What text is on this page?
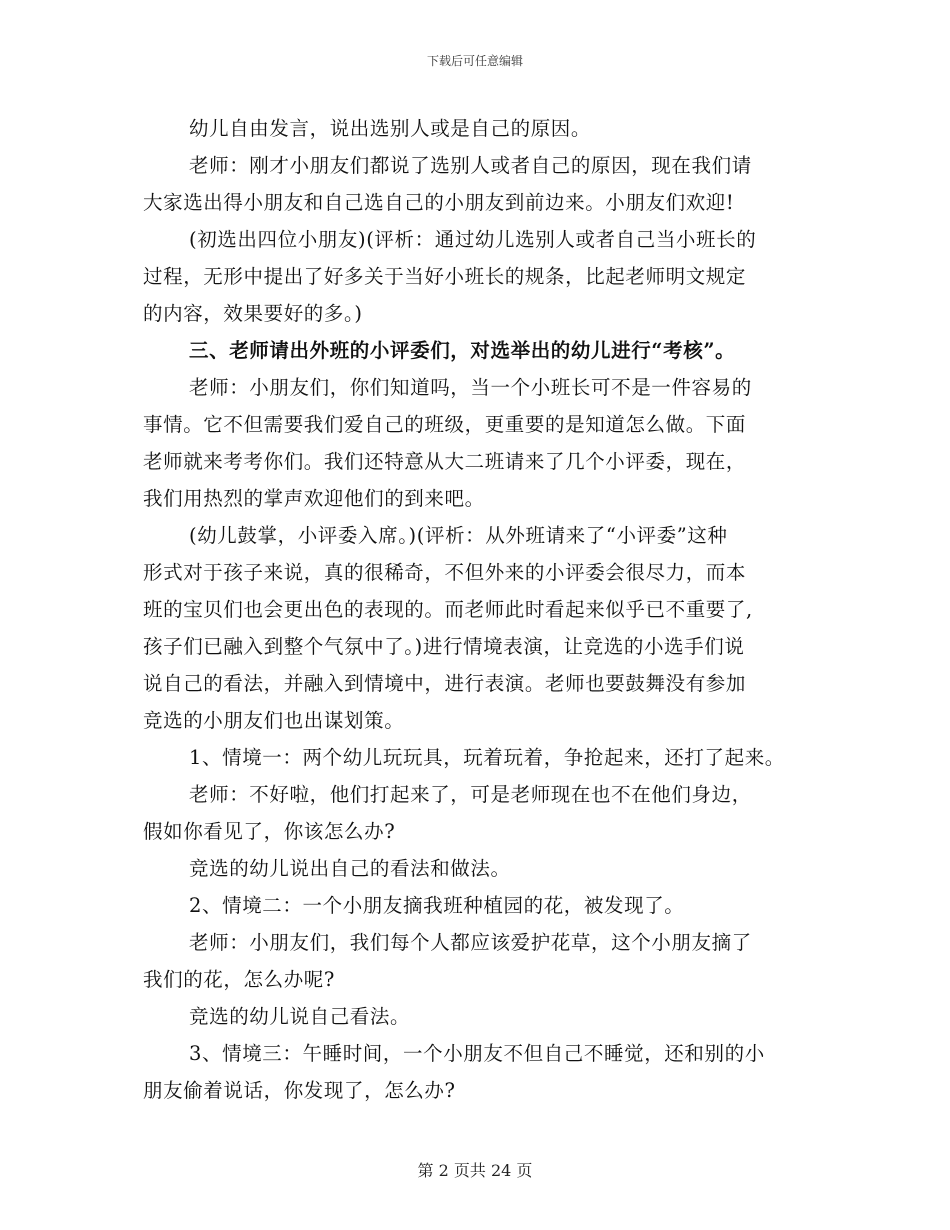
下载后可任意编辑

幼儿自由发言，说出选别人或是自己的原因。

老师：刚才小朋友们都说了选别人或者自己的原因，现在我们请
大家选出得小朋友和自己选自己的小朋友到前边来。小朋友们欢迎!

(初选出四位小朋友)(评析：通过幼儿选别人或者自己当小班长的
过程，无形中提出了好多关于当好小班长的规条，比起老师明文规定
的内容，效果要好的多。)

三、老师请出外班的小评委们，对选举出的幼儿进行“考核”。

老师：小朋友们，你们知道吗，当一个小班长可不是一件容易的
事情。它不但需要我们爱自己的班级，更重要的是知道怎么做。下面
老师就来考考你们。我们还特意从大二班请来了几个小评委，现在，
我们用热烈的掌声欢迎他们的到来吧。

(幼儿鼓掌，小评委入席。)(评析：从外班请来了“小评委”这种
形式对于孩子来说，真的很稀奇，不但外来的小评委会很尽力，而本
班的宝贝们也会更出色的表现的。而老师此时看起来似乎已不重要了,
孩子们已融入到整个气氛中了。)进行情境表演，让竞选的小选手们说
说自己的看法，并融入到情境中，进行表演。老师也要鼓舞没有参加
竞选的小朋友们也出谋划策。

1、情境一：两个幼儿玩玩具，玩着玩着，争抢起来，还打了起来。

老师：不好啦，他们打起来了，可是老师现在也不在他们身边，
假如你看见了，你该怎么办?

竞选的幼儿说出自己的看法和做法。

2、情境二：一个小朋友摘我班种植园的花，被发现了。

老师：小朋友们，我们每个人都应该爱护花草，这个小朋友摘了
我们的花，怎么办呢?

竞选的幼儿说自己看法。

3、情境三：午睡时间，一个小朋友不但自己不睡觉，还和别的小
朋友偷着说话，你发现了，怎么办?

第 2 页共 24 页
